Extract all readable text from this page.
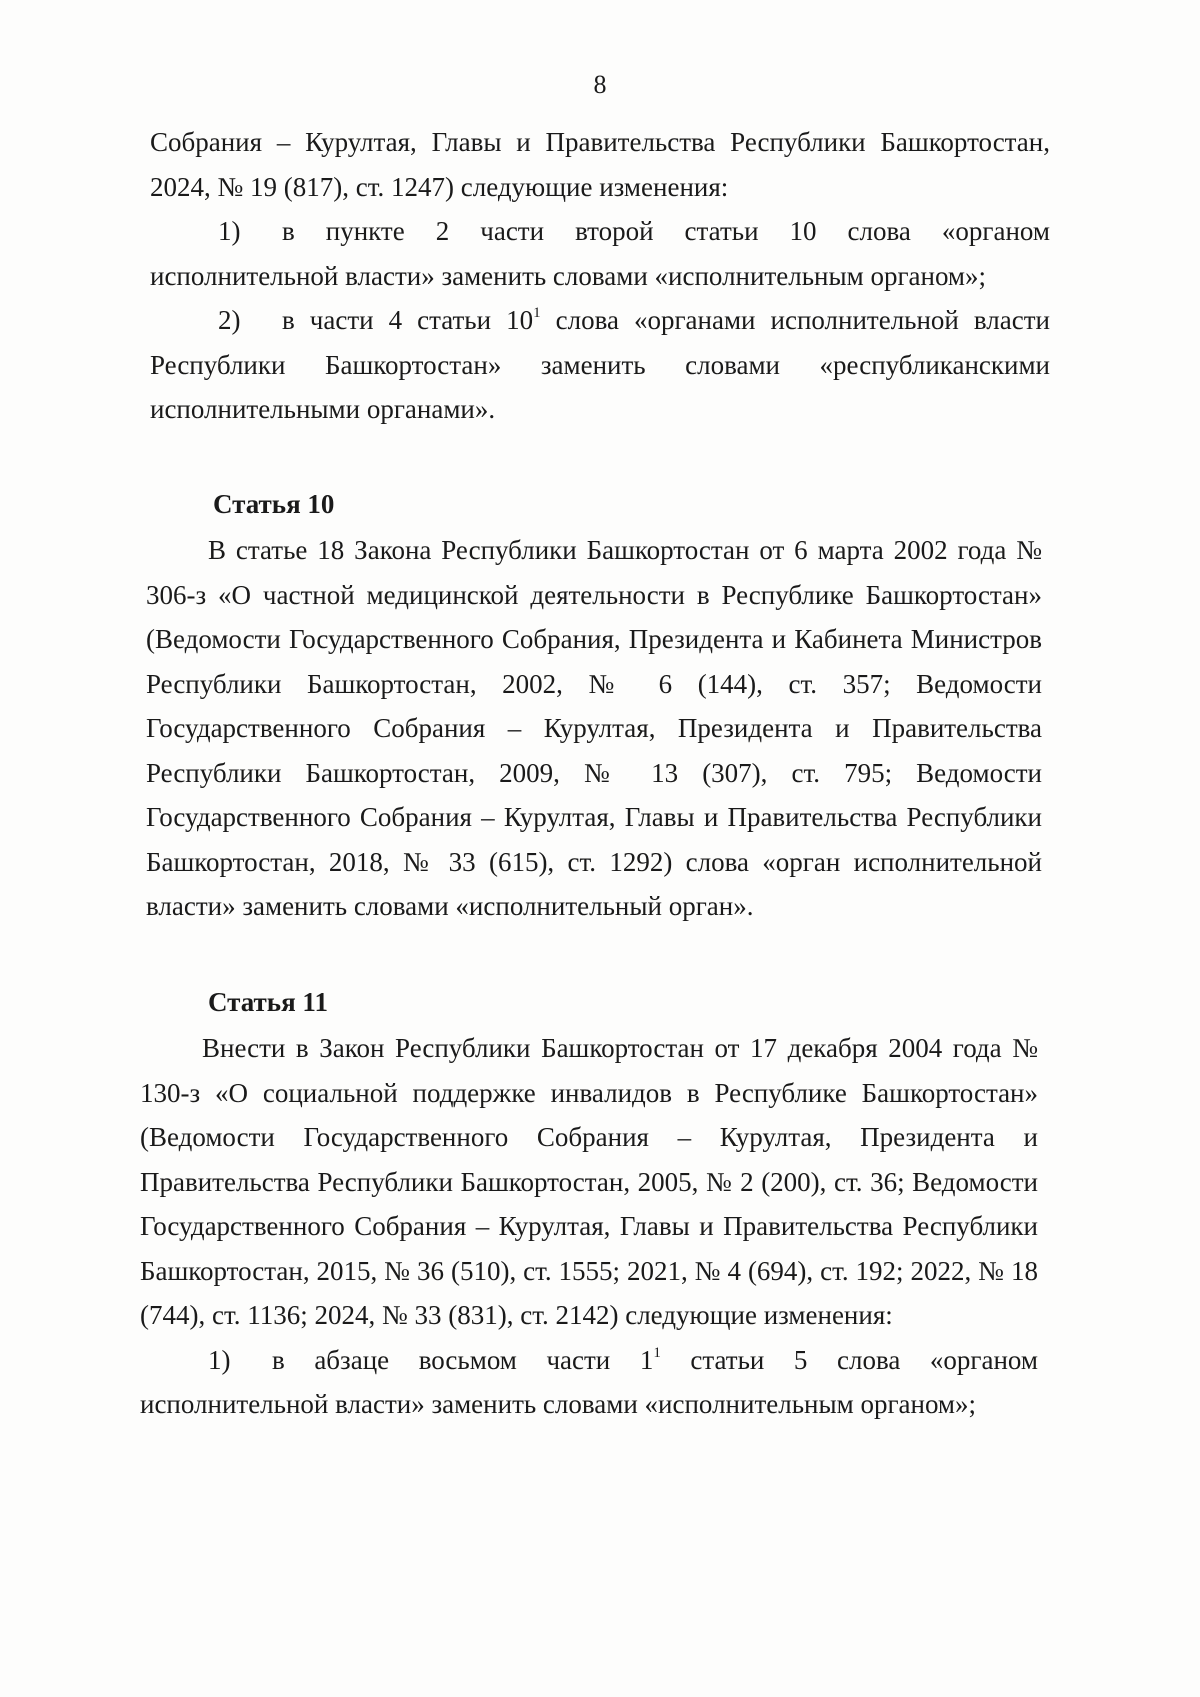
8

Собрания – Курултая, Главы и Правительства Республики Башкортостан, 2024, № 19 (817), ст. 1247) следующие изменения:

1) в пункте 2 части второй статьи 10 слова «органом исполнительной власти» заменить словами «исполнительным органом»;

2) в части 4 статьи $10^1$ слова «органами исполнительной власти Республики Башкортостан» заменить словами «республиканскими исполнительными органами».

Статья 10

В статье 18 Закона Республики Башкортостан от 6 марта 2002 года № 306-з «О частной медицинской деятельности в Республике Башкортостан» (Ведомости Государственного Собрания, Президента и Кабинета Министров Республики Башкортостан, 2002, № 6 (144), ст. 357; Ведомости Государственного Собрания – Курултая, Президента и Правительства Республики Башкортостан, 2009, № 13 (307), ст. 795; Ведомости Государственного Собрания – Курултая, Главы и Правительства Республики Башкортостан, 2018, № 33 (615), ст. 1292) слова «орган исполнительной власти» заменить словами «исполнительный орган».

Статья 11

Внести в Закон Республики Башкортостан от 17 декабря 2004 года № 130-з «О социальной поддержке инвалидов в Республике Башкортостан» (Ведомости Государственного Собрания – Курултая, Президента и Правительства Республики Башкортостан, 2005, № 2 (200), ст. 36; Ведомости Государственного Собрания – Курултая, Главы и Правительства Республики Башкортостан, 2015, № 36 (510), ст. 1555; 2021, № 4 (694), ст. 192; 2022, № 18 (744), ст. 1136; 2024, № 33 (831), ст. 2142) следующие изменения:

1) в абзаце восьмом части $1^1$ статьи 5 слова «органом исполнительной власти» заменить словами «исполнительным органом»;
